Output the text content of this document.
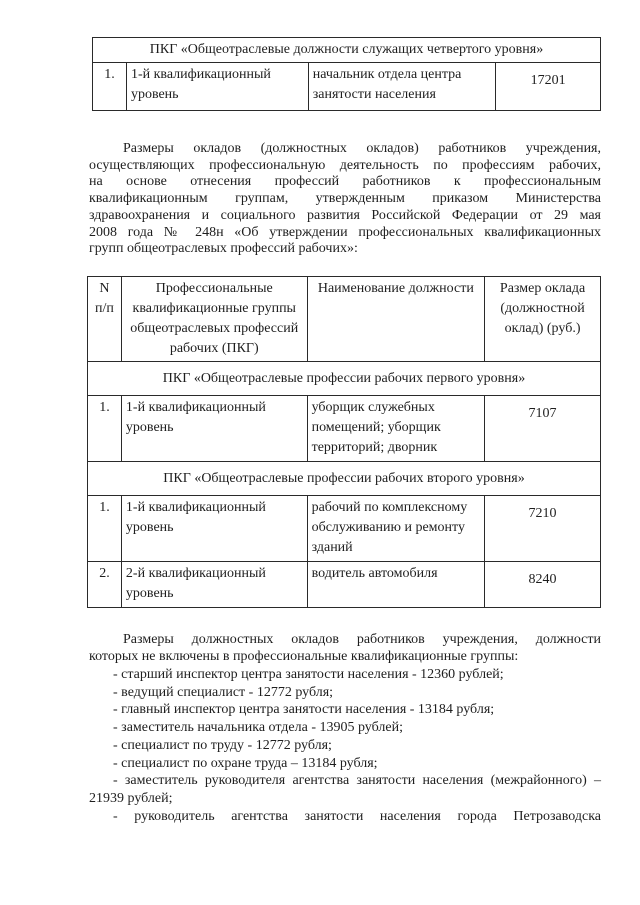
ПКГ «Общеотраслевые должности служащих четвертого уровня»
1.	1-й квалификационный уровень	начальник отдела центра занятости населения	17201
Размеры окладов (должностных окладов) работников учреждения,
осуществляющих профессиональную деятельность по профессиям рабочих,
на основе отнесения профессий работников к профессиональным
квалификационным группам, утвержденным приказом Министерства
здравоохранения и социального развития Российской Федерации от 29 мая
2008 года № 248н «Об утверждении профессиональных квалификационных
групп общеотраслевых профессий рабочих»:
N п/п	Профессиональные квалификационные группы общеотраслевых профессий рабочих (ПКГ)	Наименование должности	Размер оклада (должностной оклад) (руб.)
ПКГ «Общеотраслевые профессии рабочих первого уровня»			
1.	1-й квалификационный уровень	уборщик служебных помещений; уборщик территорий; дворник	7107
ПКГ «Общеотраслевые профессии рабочих второго уровня»			
1.	1-й квалификационный уровень	рабочий по комплексному обслуживанию и ремонту зданий	7210
2.	2-й квалификационный уровень	водитель автомобиля	8240
Размеры должностных окладов работников учреждения, должности
которых не включены в профессиональные квалификационные группы:
- старший инспектор центра занятости населения - 12360 рублей;
- ведущий специалист - 12772 рубля;
- главный инспектор центра занятости населения - 13184 рубля;
- заместитель начальника отдела - 13905 рублей;
- специалист по труду - 12772 рубля;
- специалист по охране труда – 13184 рубля;
- заместитель руководителя агентства занятости населения (межрайонного) – 21939 рублей;
- руководитель агентства занятости населения города Петрозаводска
